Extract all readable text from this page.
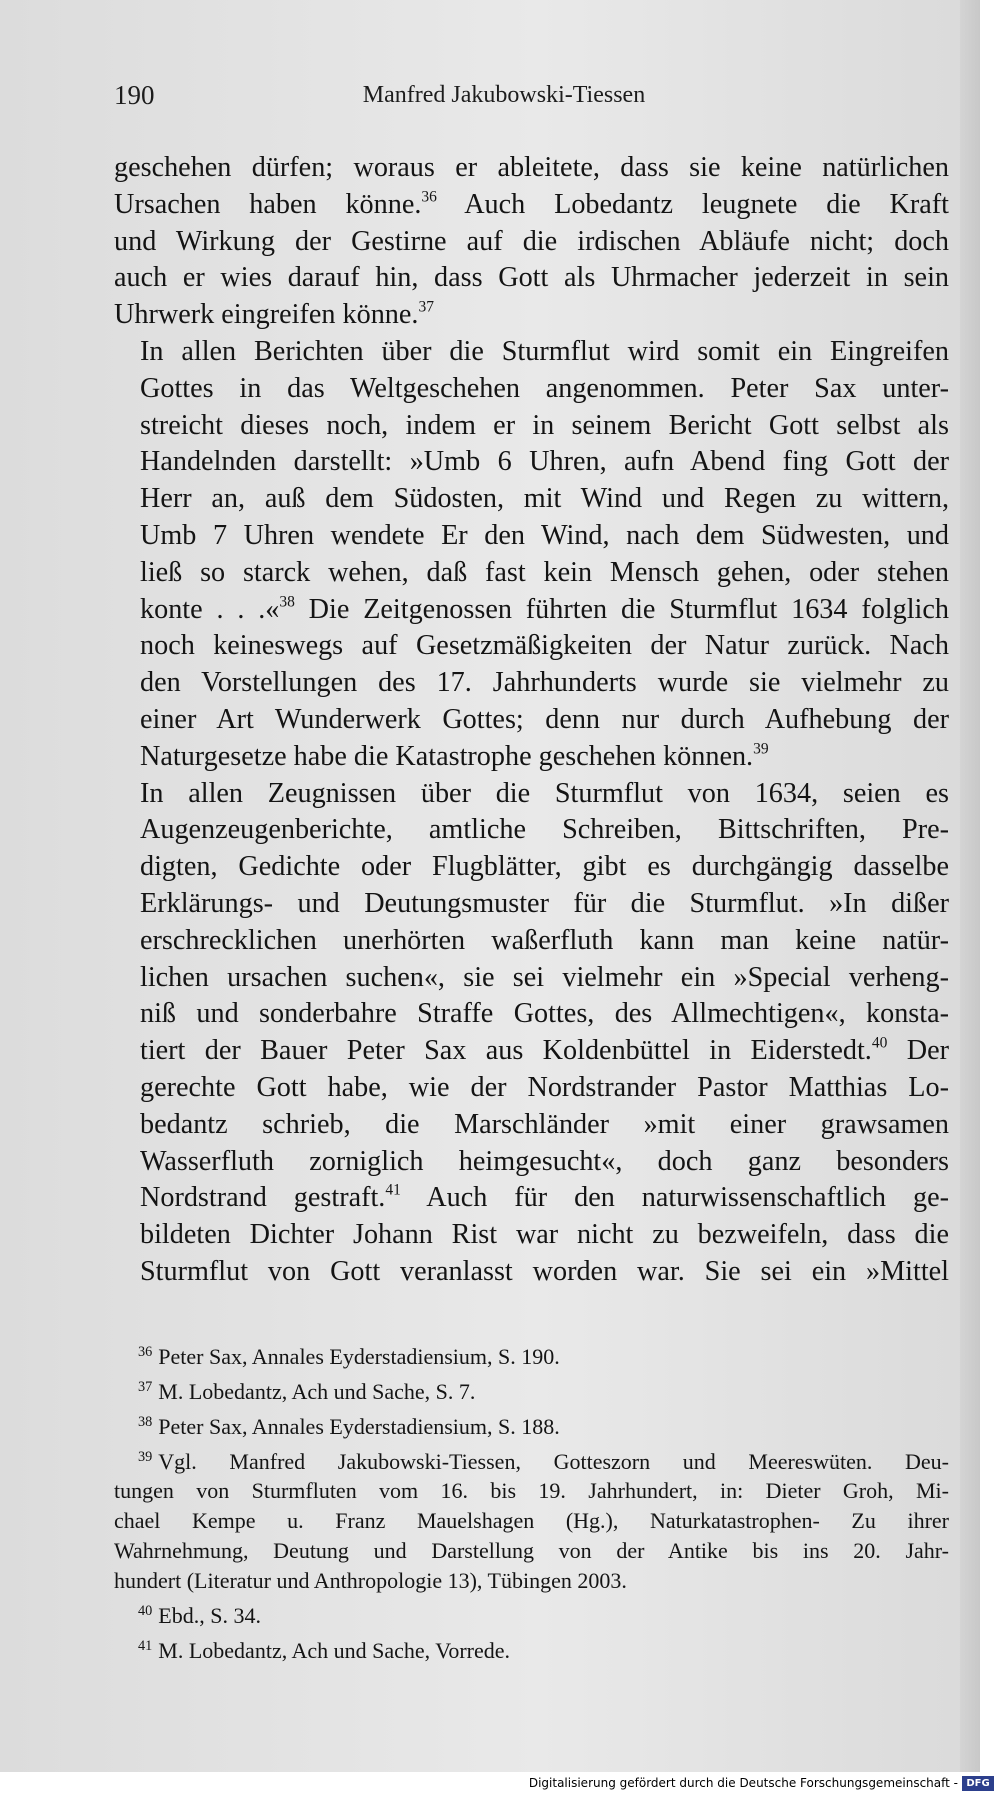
190	Manfred Jakubowski-Tiessen

geschehen dürfen; woraus er ableitete, dass sie keine natürlichen
Ursachen haben könne.$^{36}$ Auch Lobedantz leugnete die Kraft
und Wirkung der Gestirne auf die irdischen Abläufe nicht; doch
auch er wies darauf hin, dass Gott als Uhrmacher jederzeit in sein
Uhrwerk eingreifen könne.$^{37}$

In allen Berichten über die Sturmflut wird somit ein Eingreifen
Gottes in das Weltgeschehen angenommen. Peter Sax unter-
streicht dieses noch, indem er in seinem Bericht Gott selbst als
Handelnden darstellt: »Umb 6 Uhren, aufn Abend fing Gott der
Herr an, auß dem Südosten, mit Wind und Regen zu wittern,
Umb 7 Uhren wendete Er den Wind, nach dem Südwesten, und
ließ so starck wehen, daß fast kein Mensch gehen, oder stehen
konte . . .«$^{38}$ Die Zeitgenossen führten die Sturmflut 1634 folglich
noch keineswegs auf Gesetzmäßigkeiten der Natur zurück. Nach
den Vorstellungen des 17. Jahrhunderts wurde sie vielmehr zu
einer Art Wunderwerk Gottes; denn nur durch Aufhebung der
Naturgesetze habe die Katastrophe geschehen können.$^{39}$

In allen Zeugnissen über die Sturmflut von 1634, seien es
Augenzeugenberichte, amtliche Schreiben, Bittschriften, Pre-
digten, Gedichte oder Flugblätter, gibt es durchgängig dasselbe
Erklärungs- und Deutungsmuster für die Sturmflut. »In dißer
erschrecklichen unerhörten waßerfluth kann man keine natür-
lichen ursachen suchen«, sie sei vielmehr ein »Special verheng-
niß und sonderbahre Straffe Gottes, des Allmechtigen«, konsta-
tiert der Bauer Peter Sax aus Koldenbüttel in Eiderstedt.$^{40}$ Der
gerechte Gott habe, wie der Nordstrander Pastor Matthias Lo-
bedantz schrieb, die Marschländer »mit einer grawsamen
Wasserfluth zorniglich heimgesucht«, doch ganz besonders
Nordstrand gestraft.$^{41}$ Auch für den naturwissenschaftlich ge-
bildeten Dichter Johann Rist war nicht zu bezweifeln, dass die
Sturmflut von Gott veranlasst worden war. Sie sei ein »Mittel

$^{36}$ Peter Sax, Annales Eyderstadiensium, S. 190.
$^{37}$ M. Lobedantz, Ach und Sache, S. 7.
$^{38}$ Peter Sax, Annales Eyderstadiensium, S. 188.
$^{39}$ Vgl. Manfred Jakubowski-Tiessen, Gotteszorn und Meereswüten. Deu-
tungen von Sturmfluten vom 16. bis 19. Jahrhundert, in: Dieter Groh, Mi-
chael Kempe u. Franz Mauelshagen (Hg.), Naturkatastrophen- Zu ihrer
Wahrnehmung, Deutung und Darstellung von der Antike bis ins 20. Jahr-
hundert (Literatur und Anthropologie 13), Tübingen 2003.
$^{40}$ Ebd., S. 34.
$^{41}$ M. Lobedantz, Ach und Sache, Vorrede.
Digitalisierung gefördert durch die Deutsche Forschungsgemeinschaft - DFG
